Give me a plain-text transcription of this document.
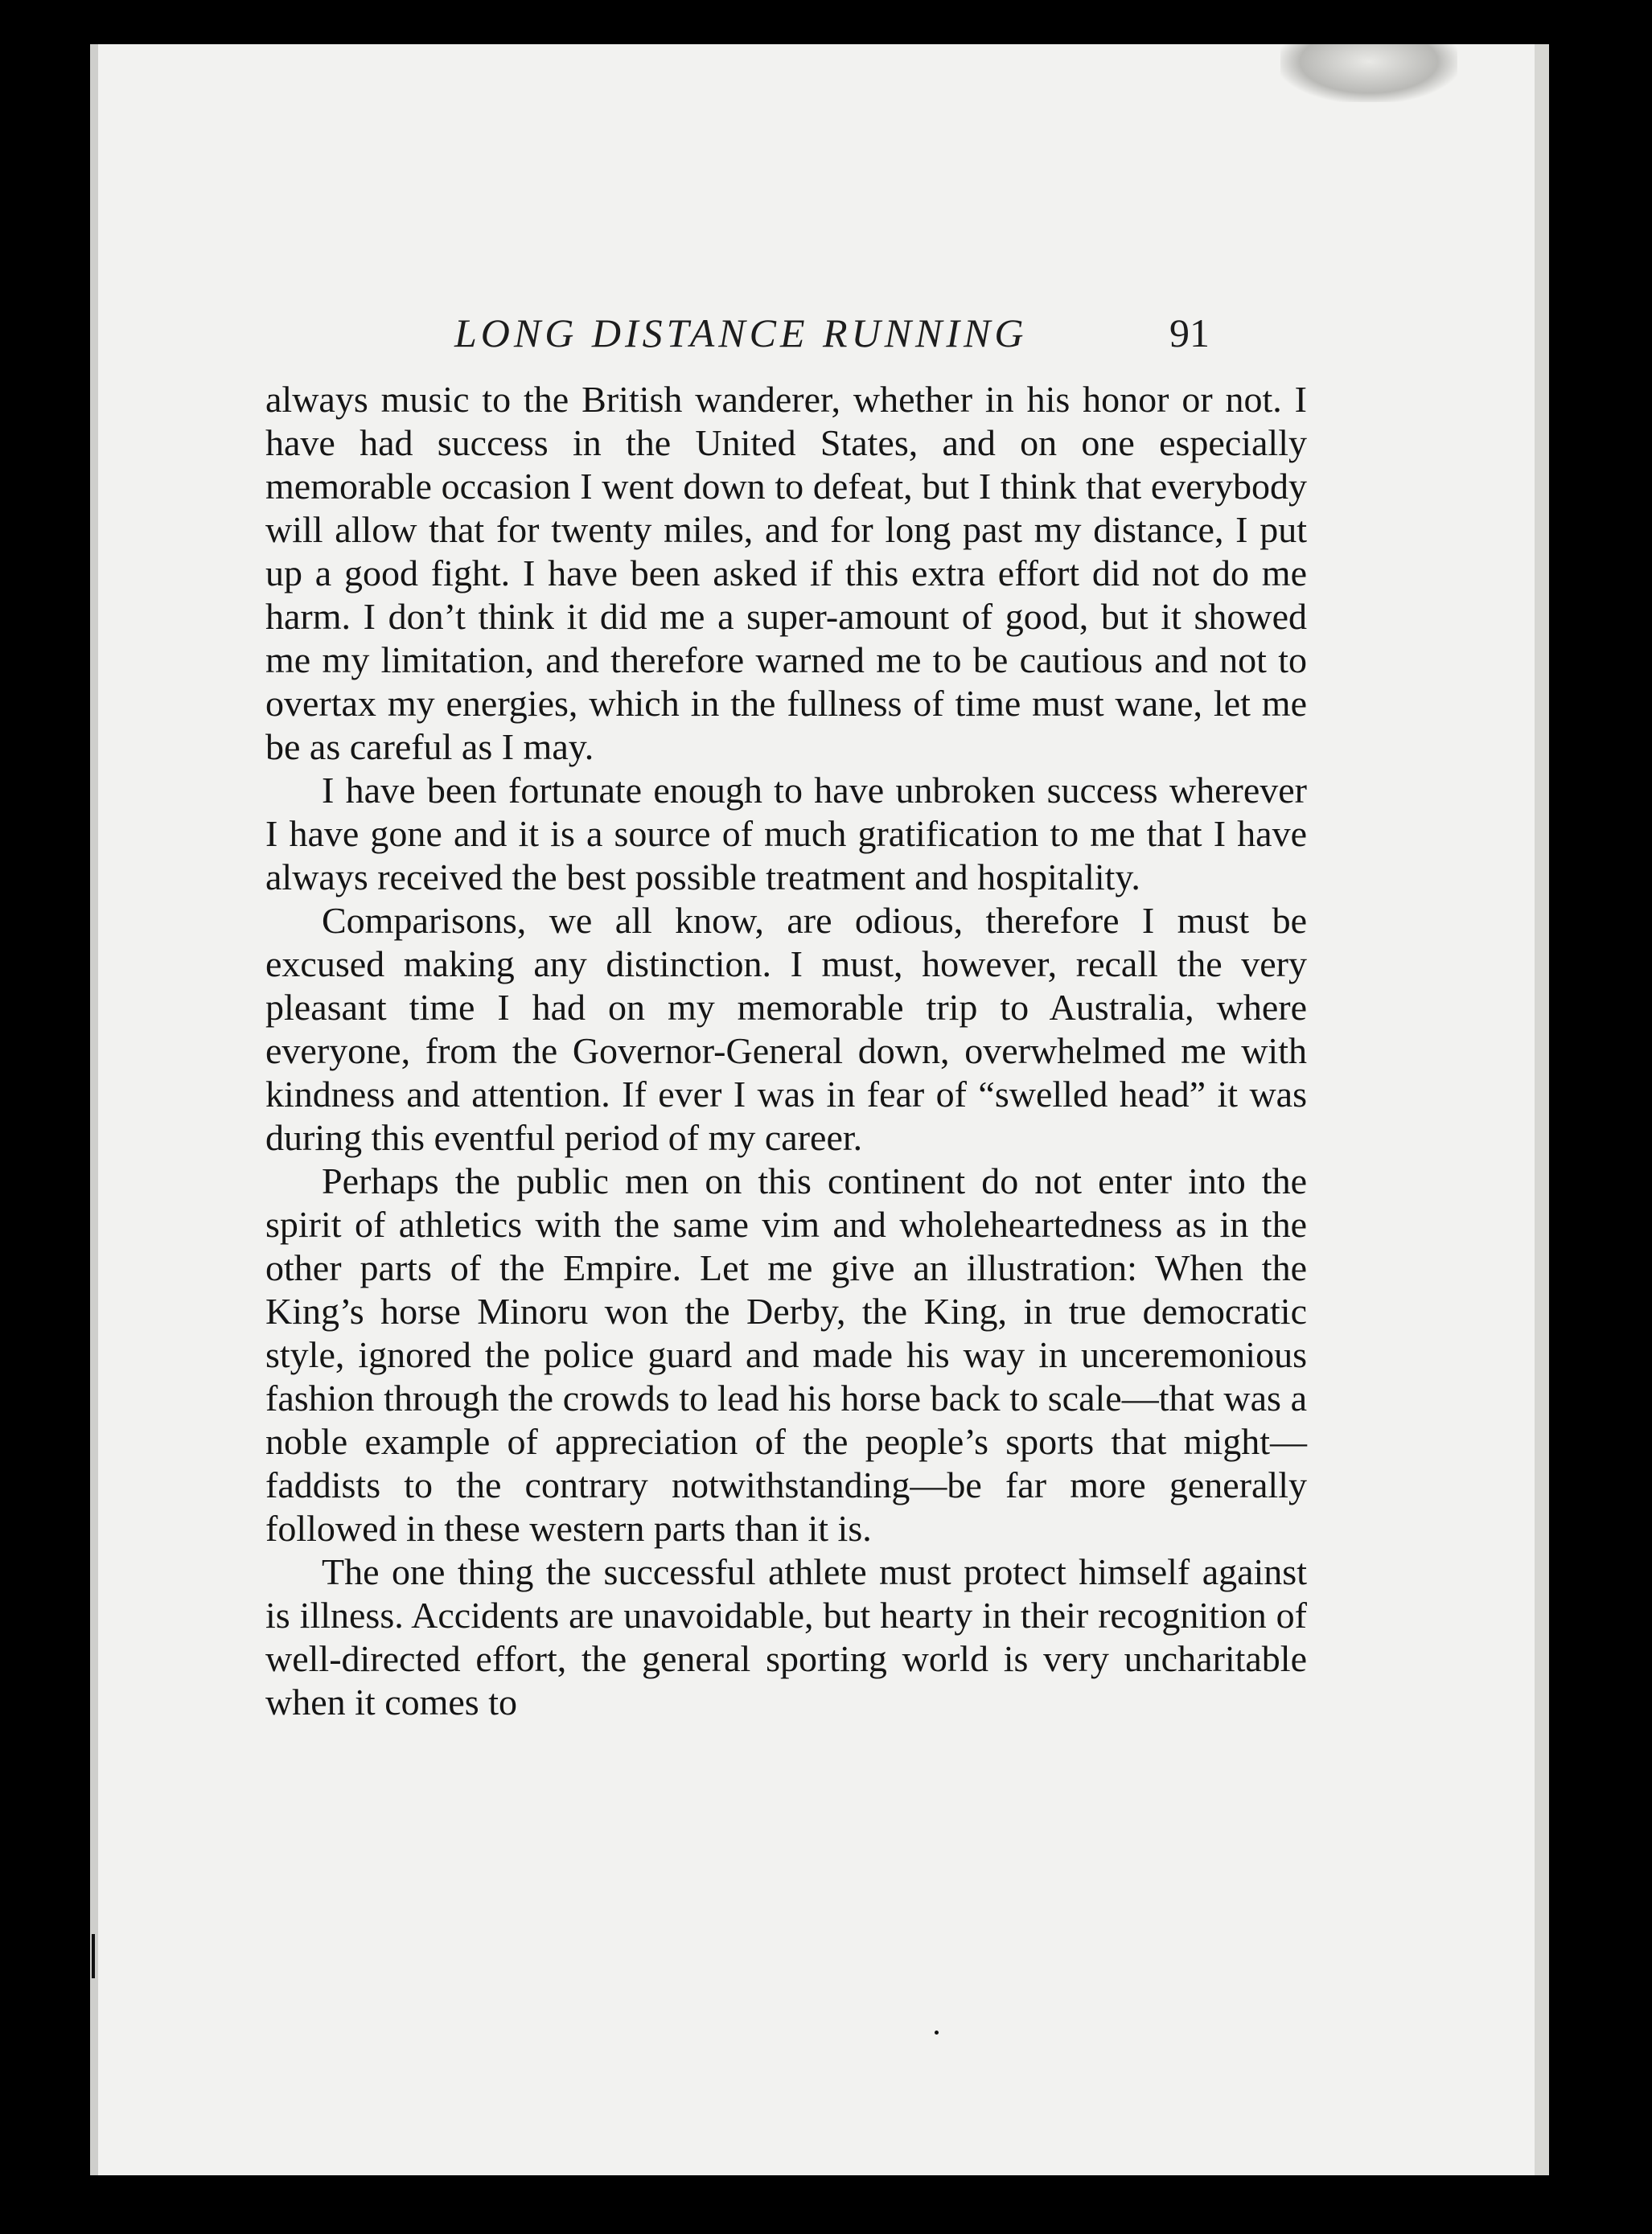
LONG DISTANCE RUNNING	91

always music to the British wanderer, whether in his honor or not. I have had success in the United States, and on one especially memorable occasion I went down to defeat, but I think that everybody will allow that for twenty miles, and for long past my distance, I put up a good fight. I have been asked if this extra effort did not do me harm. I don’t think it did me a super-amount of good, but it showed me my limitation, and therefore warned me to be cautious and not to overtax my energies, which in the fullness of time must wane, let me be as careful as I may.

I have been fortunate enough to have unbroken success wherever I have gone and it is a source of much gratification to me that I have always received the best possible treatment and hospitality.

Comparisons, we all know, are odious, therefore I must be excused making any distinction. I must, however, recall the very pleasant time I had on my memorable trip to Australia, where everyone, from the Governor-General down, overwhelmed me with kindness and attention. If ever I was in fear of “swelled head” it was during this eventful period of my career.

Perhaps the public men on this continent do not enter into the spirit of athletics with the same vim and wholeheartedness as in the other parts of the Empire. Let me give an illustration: When the King’s horse Minoru won the Derby, the King, in true democratic style, ignored the police guard and made his way in unceremonious fashion through the crowds to lead his horse back to scale—that was a noble example of appreciation of the people’s sports that might—faddists to the contrary notwithstanding—be far more generally followed in these western parts than it is.

The one thing the successful athlete must protect himself against is illness. Accidents are unavoidable, but hearty in their recognition of well-directed effort, the general sporting world is very uncharitable when it comes to
